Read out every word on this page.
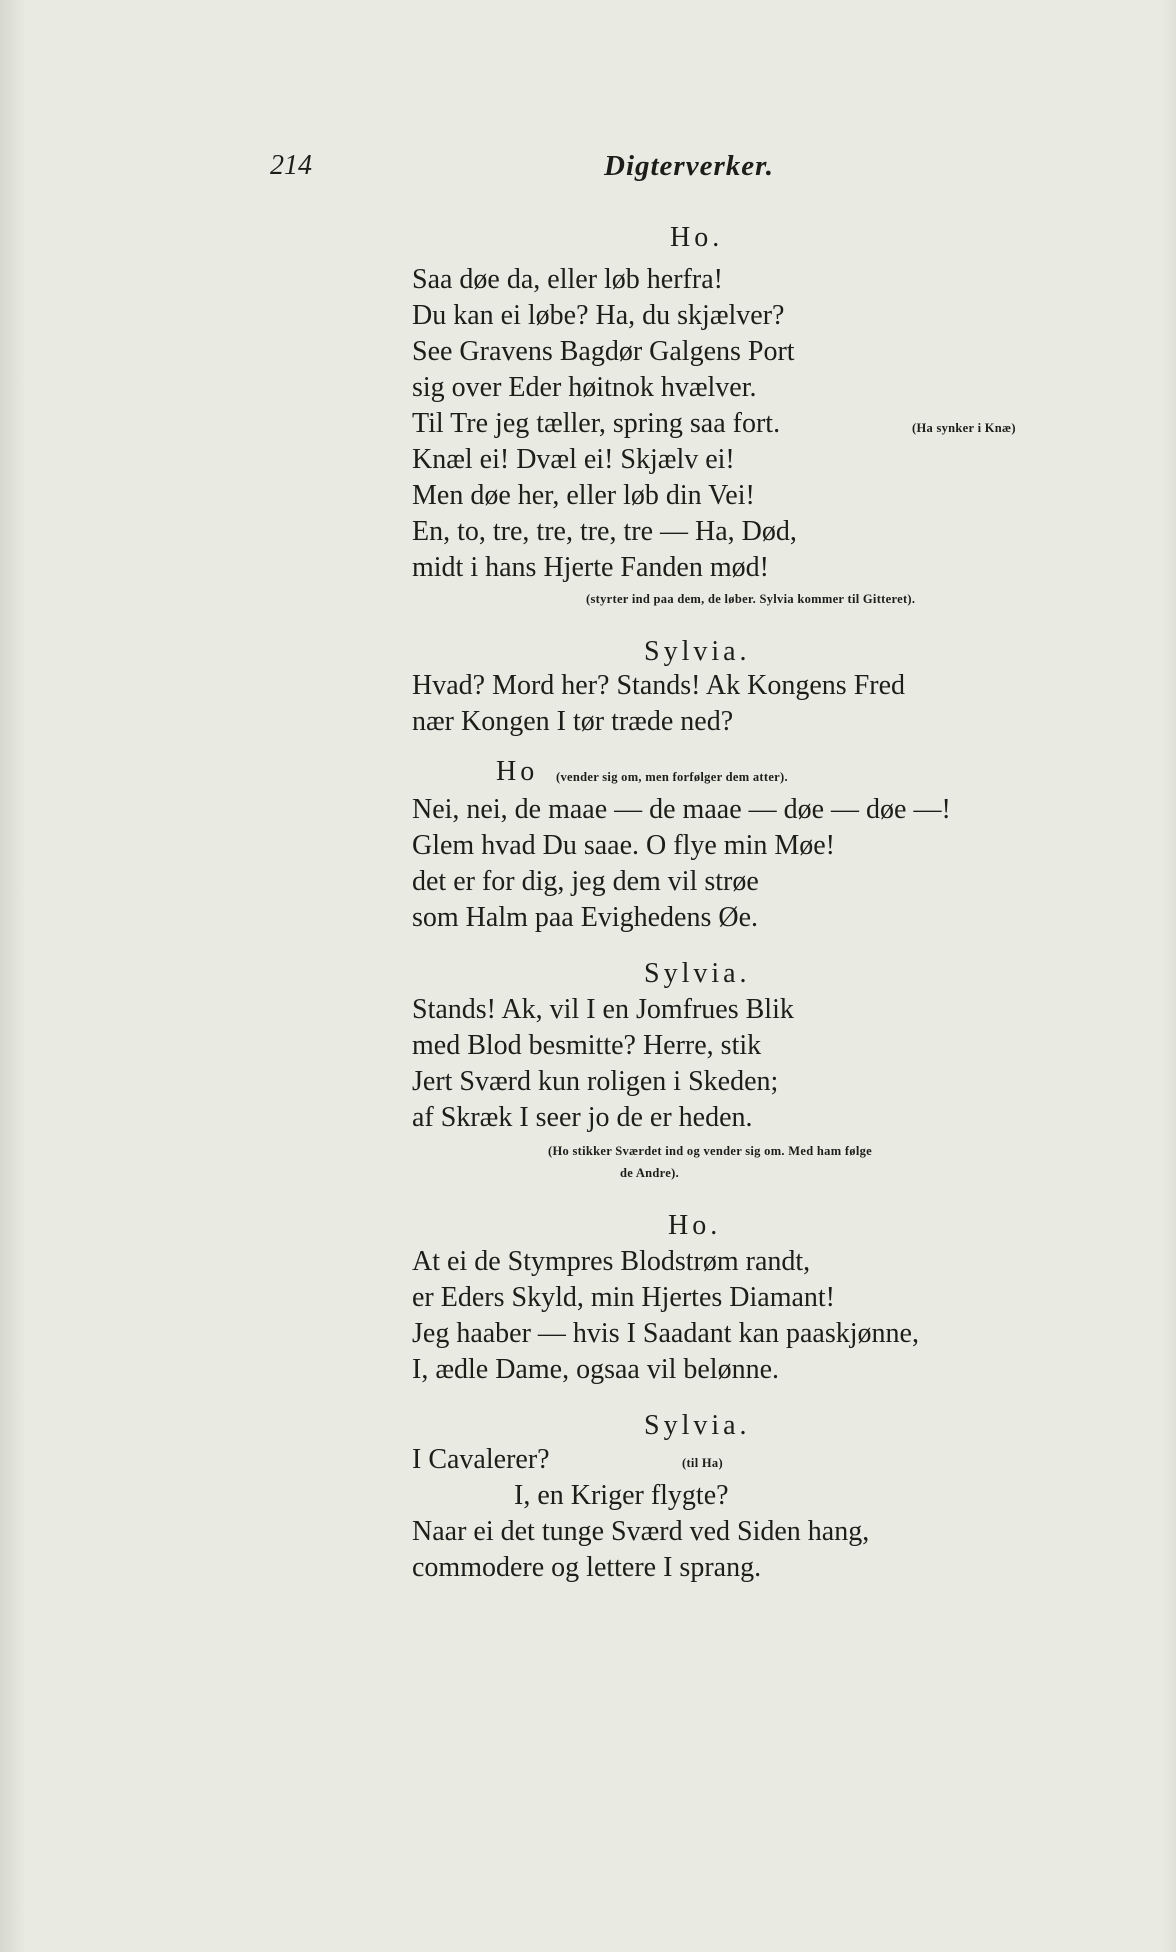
214	Digterverker.
Ho.
Saa døe da, eller løb herfra!
Du kan ei løbe? Ha, du skjælver?
See Gravens Bagdør Galgens Port
sig over Eder høitnok hvælver.
Til Tre jeg tæller, spring saa fort.	(Ha synker i Knæ)
Knæl ei! Dvæl ei! Skjælv ei!
Men døe her, eller løb din Vei!
En, to, tre, tre, tre, tre — Ha, Død,
midt i hans Hjerte Fanden mød!
(styrter ind paa dem, de løber. Sylvia kommer til Gitteret).
Sylvia.
Hvad? Mord her? Stands! Ak Kongens Fred
nær Kongen I tør træde ned?
Ho (vender sig om, men forfølger dem atter).
Nei, nei, de maae — de maae — døe — døe —!
Glem hvad Du saae. O flye min Møe!
det er for dig, jeg dem vil strøe
som Halm paa Evighedens Øe.
Sylvia.
Stands! Ak, vil I en Jomfrues Blik
med Blod besmitte? Herre, stik
Jert Sværd kun roligen i Skeden;
af Skræk I seer jo de er heden.
(Ho stikker Sværdet ind og vender sig om. Med ham følge
de Andre).
Ho.
At ei de Stympres Blodstrøm randt,
er Eders Skyld, min Hjertes Diamant!
Jeg haaber — hvis I Saadant kan paaskjønne,
I, ædle Dame, ogsaa vil belønne.
Sylvia.
I Cavalerer?	(til Ha)
I, en Kriger flygte?
Naar ei det tunge Sværd ved Siden hang,
commodere og lettere I sprang.
